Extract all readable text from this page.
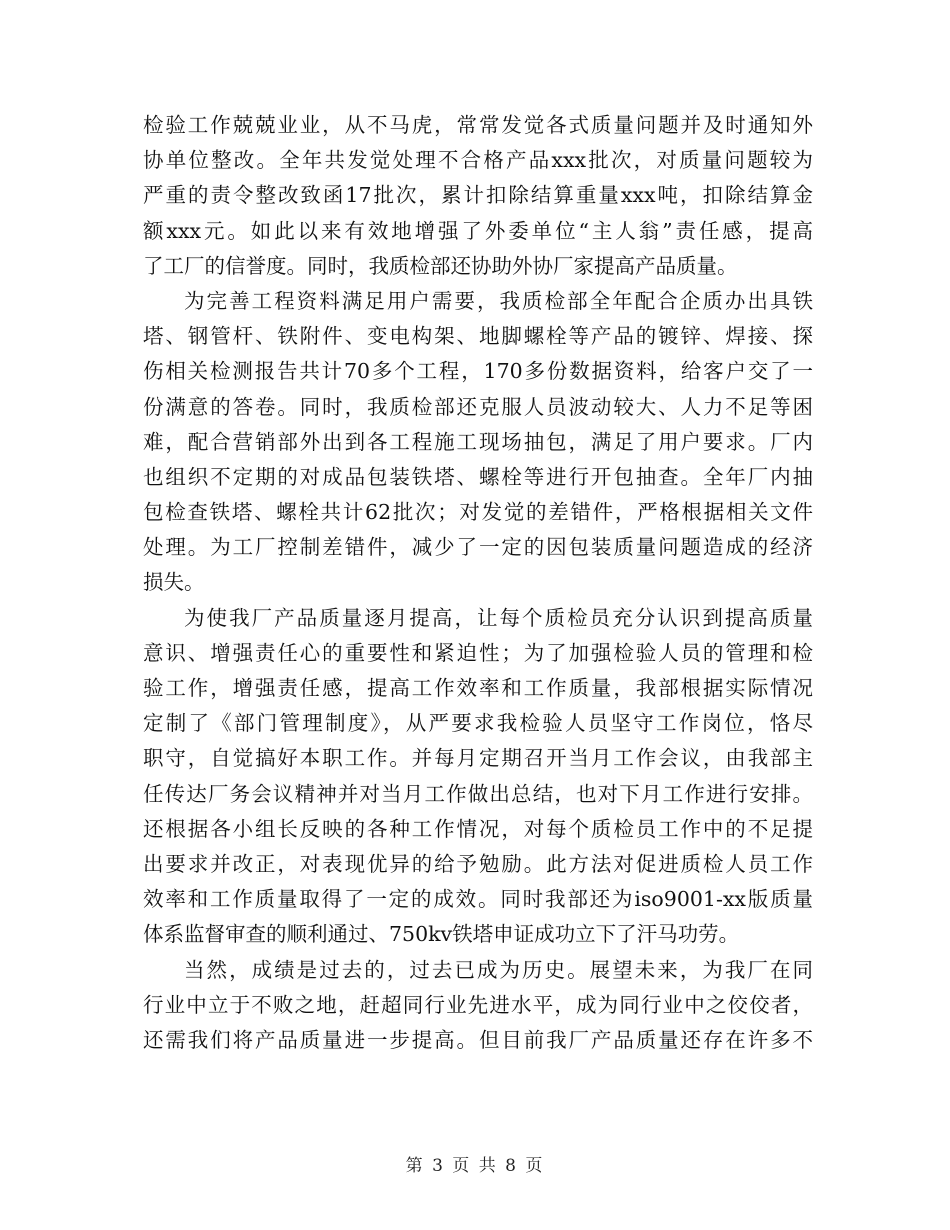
检验工作兢兢业业，从不马虎，常常发觉各式质量问题并及时通知外
协单位整改。全年共发觉处理不合格产品xxx批次，对质量问题较为
严重的责令整改致函17批次，累计扣除结算重量xxx吨，扣除结算金
额xxx元。如此以来有效地增强了外委单位“主人翁”责任感，提高
了工厂的信誉度。同时，我质检部还协助外协厂家提高产品质量。
为完善工程资料满足用户需要，我质检部全年配合企质办出具铁
塔、钢管杆、铁附件、变电构架、地脚螺栓等产品的镀锌、焊接、探
伤相关检测报告共计70多个工程，170多份数据资料，给客户交了一
份满意的答卷。同时，我质检部还克服人员波动较大、人力不足等困
难，配合营销部外出到各工程施工现场抽包，满足了用户要求。厂内
也组织不定期的对成品包装铁塔、螺栓等进行开包抽查。全年厂内抽
包检查铁塔、螺栓共计62批次；对发觉的差错件，严格根据相关文件
处理。为工厂控制差错件，减少了一定的因包装质量问题造成的经济
损失。
为使我厂产品质量逐月提高，让每个质检员充分认识到提高质量
意识、增强责任心的重要性和紧迫性；为了加强检验人员的管理和检
验工作，增强责任感，提高工作效率和工作质量，我部根据实际情况
定制了《部门管理制度》，从严要求我检验人员坚守工作岗位，恪尽
职守，自觉搞好本职工作。并每月定期召开当月工作会议，由我部主
任传达厂务会议精神并对当月工作做出总结，也对下月工作进行安排。
还根据各小组长反映的各种工作情况，对每个质检员工作中的不足提
出要求并改正，对表现优异的给予勉励。此方法对促进质检人员工作
效率和工作质量取得了一定的成效。同时我部还为iso9001-xx版质量
体系监督审查的顺利通过、750kv铁塔申证成功立下了汗马功劳。
当然，成绩是过去的，过去已成为历史。展望未来，为我厂在同
行业中立于不败之地，赶超同行业先进水平，成为同行业中之佼佼者，
还需我们将产品质量进一步提高。但目前我厂产品质量还存在许多不
第 3 页 共 8 页
